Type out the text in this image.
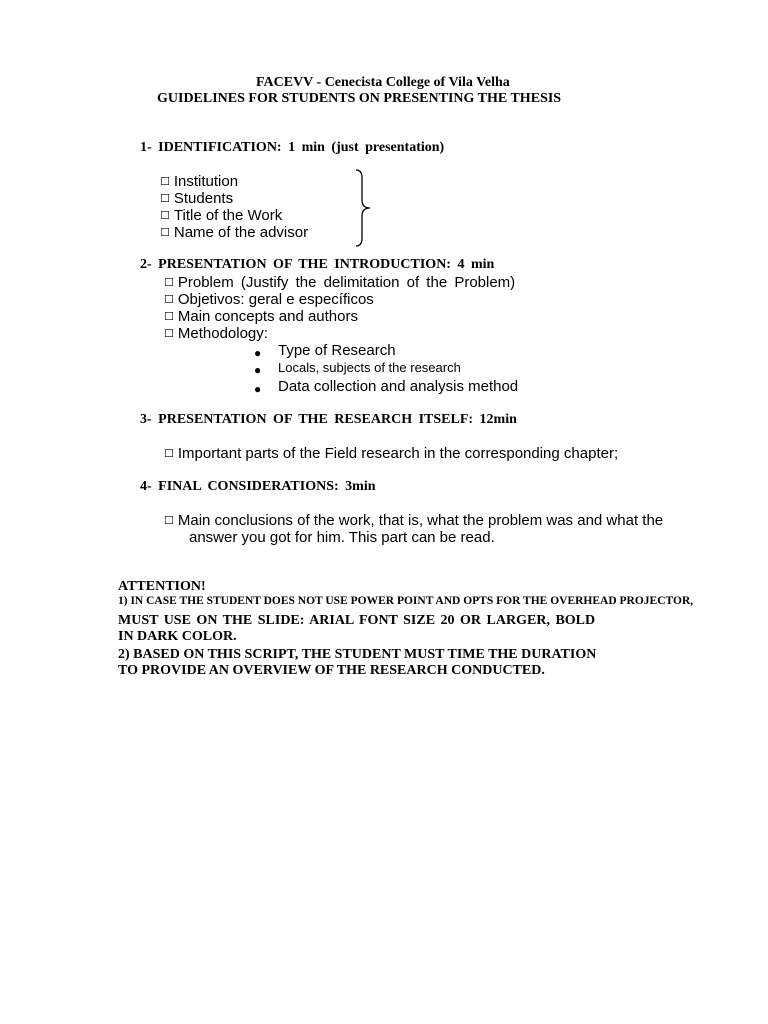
FACEVV - Cenecista College of Vila Velha
GUIDELINES FOR STUDENTS ON PRESENTING THE THESIS
1- IDENTIFICATION: 1 min (just presentation)
☐ Institution
☐ Students
☐ Title of the Work
☐ Name of the advisor
2- PRESENTATION OF THE INTRODUCTION: 4 min
☐ Problem (Justify the delimitation of the Problem)
☐ Objetivos: geral e específicos
☐ Main concepts and authors
☐ Methodology:
● Type of Research
● Locals, subjects of the research
● Data collection and analysis method
3- PRESENTATION OF THE RESEARCH ITSELF: 12min
☐ Important parts of the Field research in the corresponding chapter;
4- FINAL CONSIDERATIONS: 3min
☐ Main conclusions of the work, that is, what the problem was and what the
answer you got for him. This part can be read.
ATTENTION!
1) IN CASE THE STUDENT DOES NOT USE POWER POINT AND OPTS FOR THE OVERHEAD PROJECTOR,
MUST USE ON THE SLIDE: ARIAL FONT SIZE 20 OR LARGER, BOLD
IN DARK COLOR.
2) BASED ON THIS SCRIPT, THE STUDENT MUST TIME THE DURATION
TO PROVIDE AN OVERVIEW OF THE RESEARCH CONDUCTED.
